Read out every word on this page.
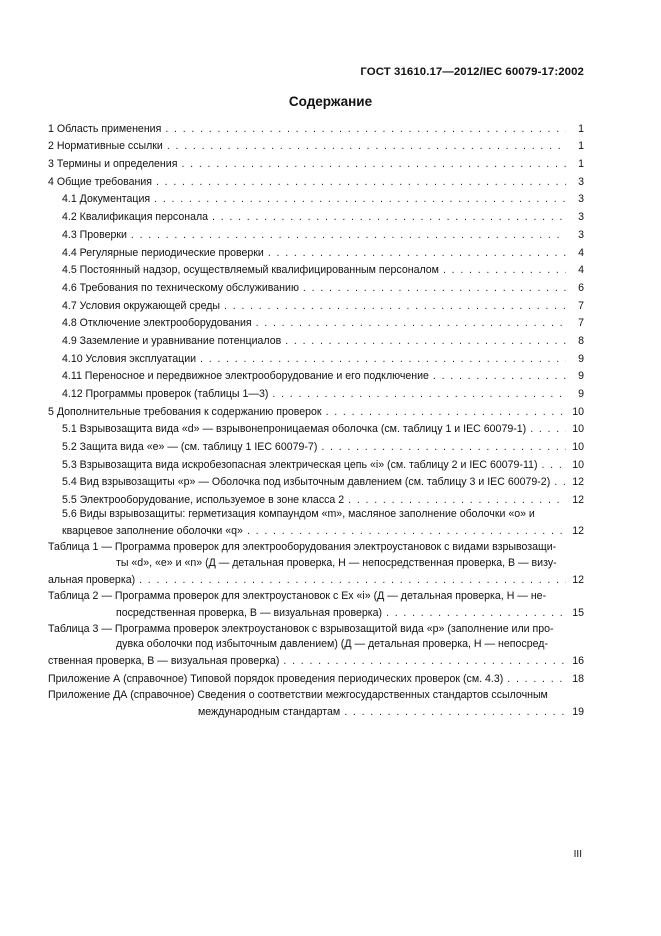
ГОСТ 31610.17—2012/IEC 60079-17:2002
Содержание
1 Область применения . . .	1
2 Нормативные ссылки . . .	1
3 Термины и определения . . .	1
4 Общие требования . . .	3
4.1 Документация . . .	3
4.2 Квалификация персонала . . .	3
4.3 Проверки . . .	3
4.4 Регулярные периодические проверки . . .	4
4.5 Постоянный надзор, осуществляемый квалифицированным персоналом . . .	4
4.6 Требования по техническому обслуживанию . . .	6
4.7 Условия окружающей среды . . .	7
4.8 Отключение электрооборудования . . .	7
4.9 Заземление и уравнивание потенциалов . . .	8
4.10 Условия эксплуатации . . .	9
4.11 Переносное и передвижное электрооборудование и его подключение . . .	9
4.12 Программы проверок (таблицы 1—3) . . .	9
5 Дополнительные требования к содержанию проверок . . .	10
5.1 Взрывозащита вида «d» — взрывонепроницаемая оболочка (см. таблицу 1 и IEC 60079-1) . . .	10
5.2 Защита вида «e» — (см. таблицу 1 IEC 60079-7) . . .	10
5.3 Взрывозащита вида искробезопасная электрическая цепь «i» (см. таблицу 2 и IEC 60079-11) . . .	10
5.4 Вид взрывозащиты «p» — Оболочка под избыточным давлением (см. таблицу 3 и IEC 60079-2) . . . 12
5.5 Электрооборудование, используемое в зоне класса 2 . . .	12
5.6 Виды взрывозащиты: герметизация компаундом «m», масляное заполнение оболочки «o» и
кварцевое заполнение оболочки «q» . . .	12
Таблица 1 — Программа проверок для электрооборудования электроустановок с видами взрывозащи-
ты «d», «e» и «n» (Д — детальная проверка, Н — непосредственная проверка, В — визу-
альная проверка) . . .	12
Таблица 2 — Программа проверок для электроустановок с Ex «i» (Д — детальная проверка, Н — не-
посредственная проверка, В — визуальная проверка) . . .	15
Таблица 3 — Программа проверок электроустановок с взрывозащитой вида «p» (заполнение или про-
дувка оболочки под избыточным давлением) (Д — детальная проверка, Н — непосред-
ственная проверка, В — визуальная проверка) . . .	16
Приложение А (справочное) Типовой порядок проведения периодических проверок (см. 4.3) . . .	18
Приложение ДА (справочное) Сведения о соответствии межгосударственных стандартов ссылочным
международным стандартам . . .	19
III
